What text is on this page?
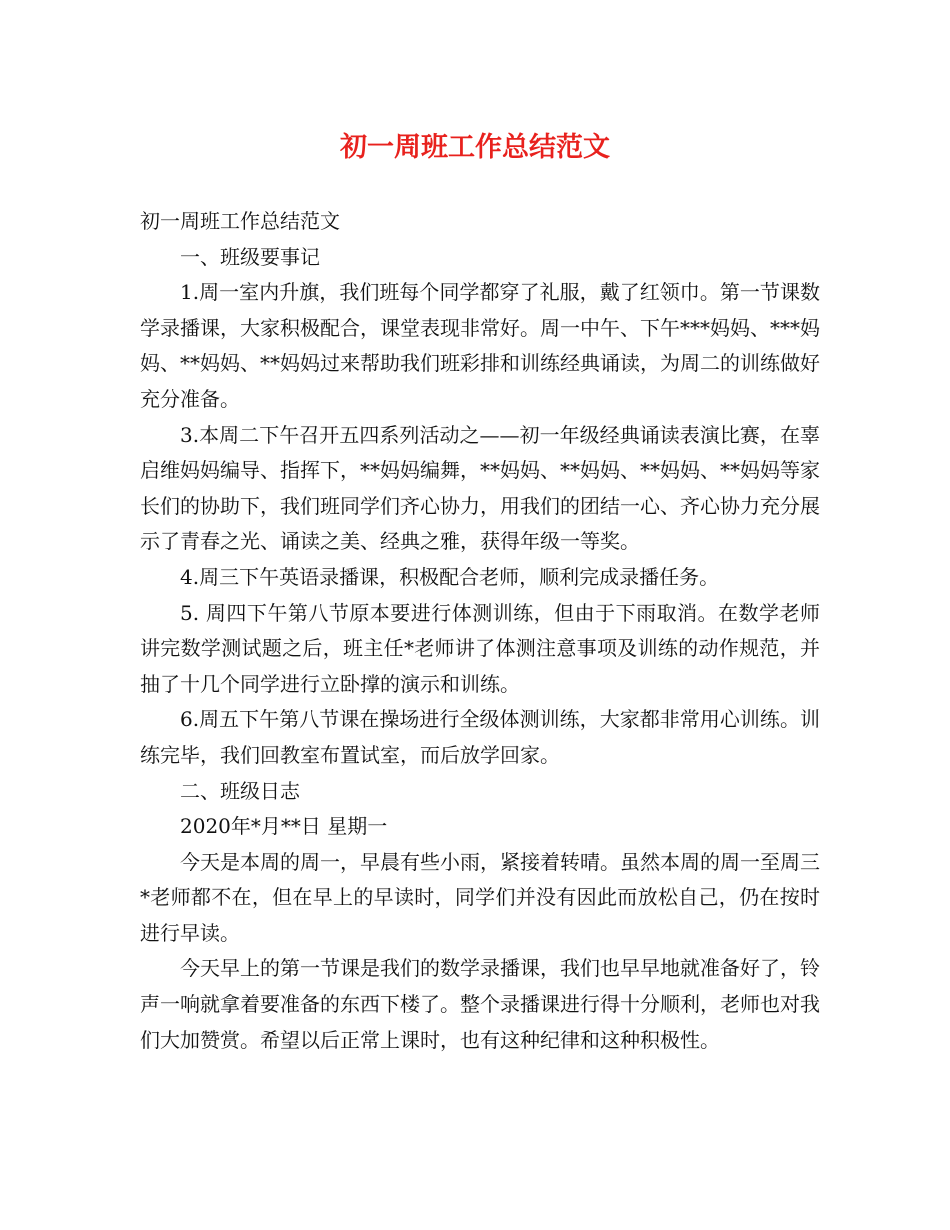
初一周班工作总结范文

初一周班工作总结范文

一、班级要事记

1.周一室内升旗，我们班每个同学都穿了礼服，戴了红领巾。第一节课数学录播课，大家积极配合，课堂表现非常好。周一中午、下午***妈妈、***妈妈、**妈妈、**妈妈过来帮助我们班彩排和训练经典诵读，为周二的训练做好充分准备。

3.本周二下午召开五四系列活动之——初一年级经典诵读表演比赛，在辜启维妈妈编导、指挥下，**妈妈编舞，**妈妈、**妈妈、**妈妈、**妈妈等家长们的协助下，我们班同学们齐心协力，用我们的团结一心、齐心协力充分展示了青春之光、诵读之美、经典之雅，获得年级一等奖。

4.周三下午英语录播课，积极配合老师，顺利完成录播任务。

5. 周四下午第八节原本要进行体测训练，但由于下雨取消。在数学老师讲完数学测试题之后，班主任*老师讲了体测注意事项及训练的动作规范，并抽了十几个同学进行立卧撑的演示和训练。

6.周五下午第八节课在操场进行全级体测训练，大家都非常用心训练。训练完毕，我们回教室布置试室，而后放学回家。

二、班级日志

2020年*月**日 星期一

今天是本周的周一，早晨有些小雨，紧接着转晴。虽然本周的周一至周三*老师都不在，但在早上的早读时，同学们并没有因此而放松自己，仍在按时进行早读。

今天早上的第一节课是我们的数学录播课，我们也早早地就准备好了，铃声一响就拿着要准备的东西下楼了。整个录播课进行得十分顺利，老师也对我们大加赞赏。希望以后正常上课时，也有这种纪律和这种积极性。
